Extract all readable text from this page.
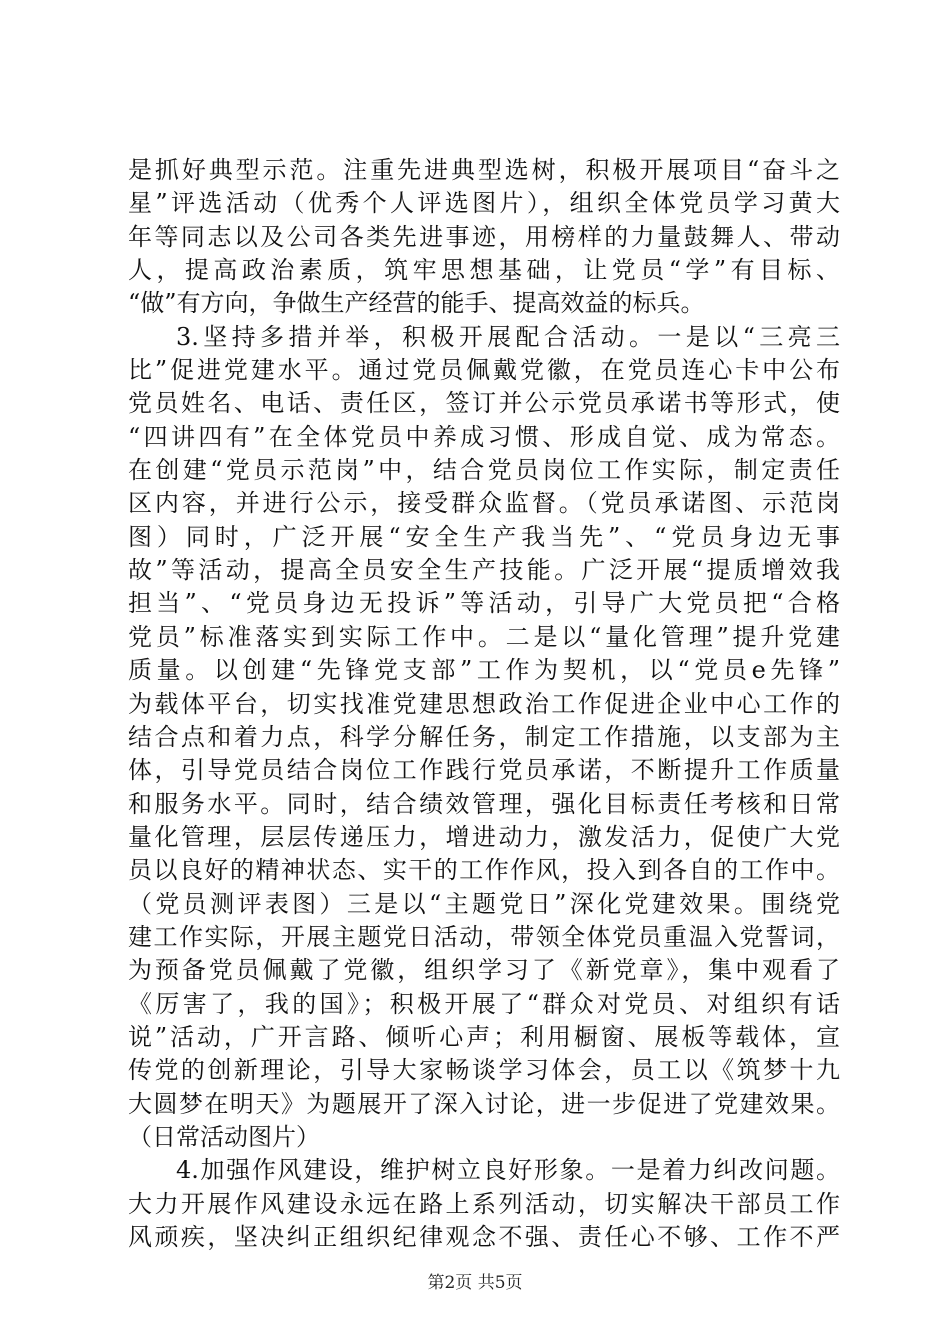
是抓好典型示范。注重先进典型选树，积极开展项目“奋斗之
星”评选活动（优秀个人评选图片），组织全体党员学习黄大
年等同志以及公司各类先进事迹，用榜样的力量鼓舞人、带动
人，提高政治素质，筑牢思想基础，让党员“学”有目标、
“做”有方向，争做生产经营的能手、提高效益的标兵。
3.坚持多措并举，积极开展配合活动。一是以“三亮三
比”促进党建水平。通过党员佩戴党徽，在党员连心卡中公布
党员姓名、电话、责任区，签订并公示党员承诺书等形式，使
“四讲四有”在全体党员中养成习惯、形成自觉、成为常态。
在创建“党员示范岗”中，结合党员岗位工作实际，制定责任
区内容，并进行公示，接受群众监督。（党员承诺图、示范岗
图）同时，广泛开展“安全生产我当先”、“党员身边无事
故”等活动，提高全员安全生产技能。广泛开展“提质增效我
担当”、“党员身边无投诉”等活动，引导广大党员把“合格
党员”标准落实到实际工作中。二是以“量化管理”提升党建
质量。以创建“先锋党支部”工作为契机，以“党员e先锋”
为载体平台，切实找准党建思想政治工作促进企业中心工作的
结合点和着力点，科学分解任务，制定工作措施，以支部为主
体，引导党员结合岗位工作践行党员承诺，不断提升工作质量
和服务水平。同时，结合绩效管理，强化目标责任考核和日常
量化管理，层层传递压力，增进动力，激发活力，促使广大党
员以良好的精神状态、实干的工作作风，投入到各自的工作中。
（党员测评表图）三是以“主题党日”深化党建效果。围绕党
建工作实际，开展主题党日活动，带领全体党员重温入党誓词，
为预备党员佩戴了党徽，组织学习了《新党章》，集中观看了
《厉害了，我的国》；积极开展了“群众对党员、对组织有话
说”活动，广开言路、倾听心声；利用橱窗、展板等载体，宣
传党的创新理论，引导大家畅谈学习体会，员工以《筑梦十九
大圆梦在明天》为题展开了深入讨论，进一步促进了党建效果。
（日常活动图片）
4.加强作风建设，维护树立良好形象。一是着力纠改问题。
大力开展作风建设永远在路上系列活动，切实解决干部员工作
风顽疾，坚决纠正组织纪律观念不强、责任心不够、工作不严
第2页 共5页
